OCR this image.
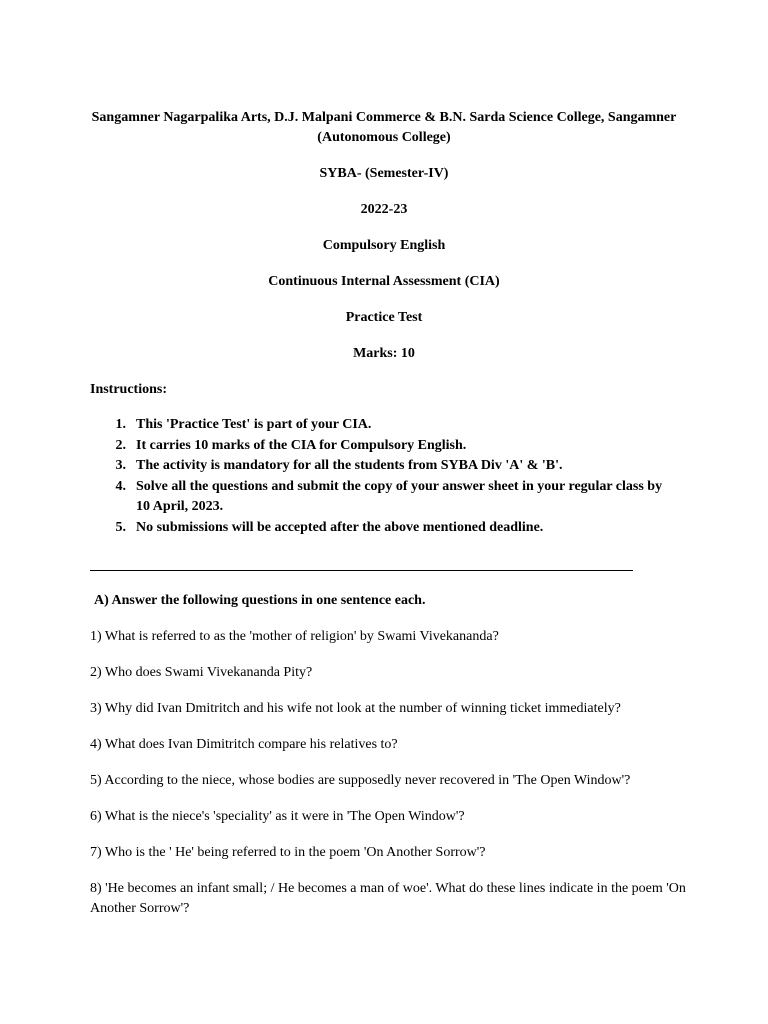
Sangamner Nagarpalika Arts, D.J. Malpani Commerce & B.N. Sarda Science College, Sangamner (Autonomous College)

SYBA- (Semester-IV)

2022-23

Compulsory English

Continuous Internal Assessment (CIA)

Practice Test

Marks: 10

Instructions:

1. This 'Practice Test' is part of your CIA.
2. It carries 10 marks of the CIA for Compulsory English.
3. The activity is mandatory for all the students from SYBA Div 'A' & 'B'.
4. Solve all the questions and submit the copy of your answer sheet in your regular class by 10 April, 2023.
5. No submissions will be accepted after the above mentioned deadline.

A) Answer the following questions in one sentence each.

1) What is referred to as the 'mother of religion' by Swami Vivekananda?
2) Who does Swami Vivekananda Pity?
3) Why did Ivan Dmitritch and his wife not look at the number of winning ticket immediately?
4) What does Ivan Dimitritch compare his relatives to?
5) According to the niece, whose bodies are supposedly never recovered in 'The Open Window'?
6) What is the niece's 'speciality' as it were in 'The Open Window'?
7) Who is the ' He' being referred to in the poem 'On Another Sorrow'?
8) 'He becomes an infant small; / He becomes a man of woe'. What do these lines indicate in the poem 'On Another Sorrow'?
